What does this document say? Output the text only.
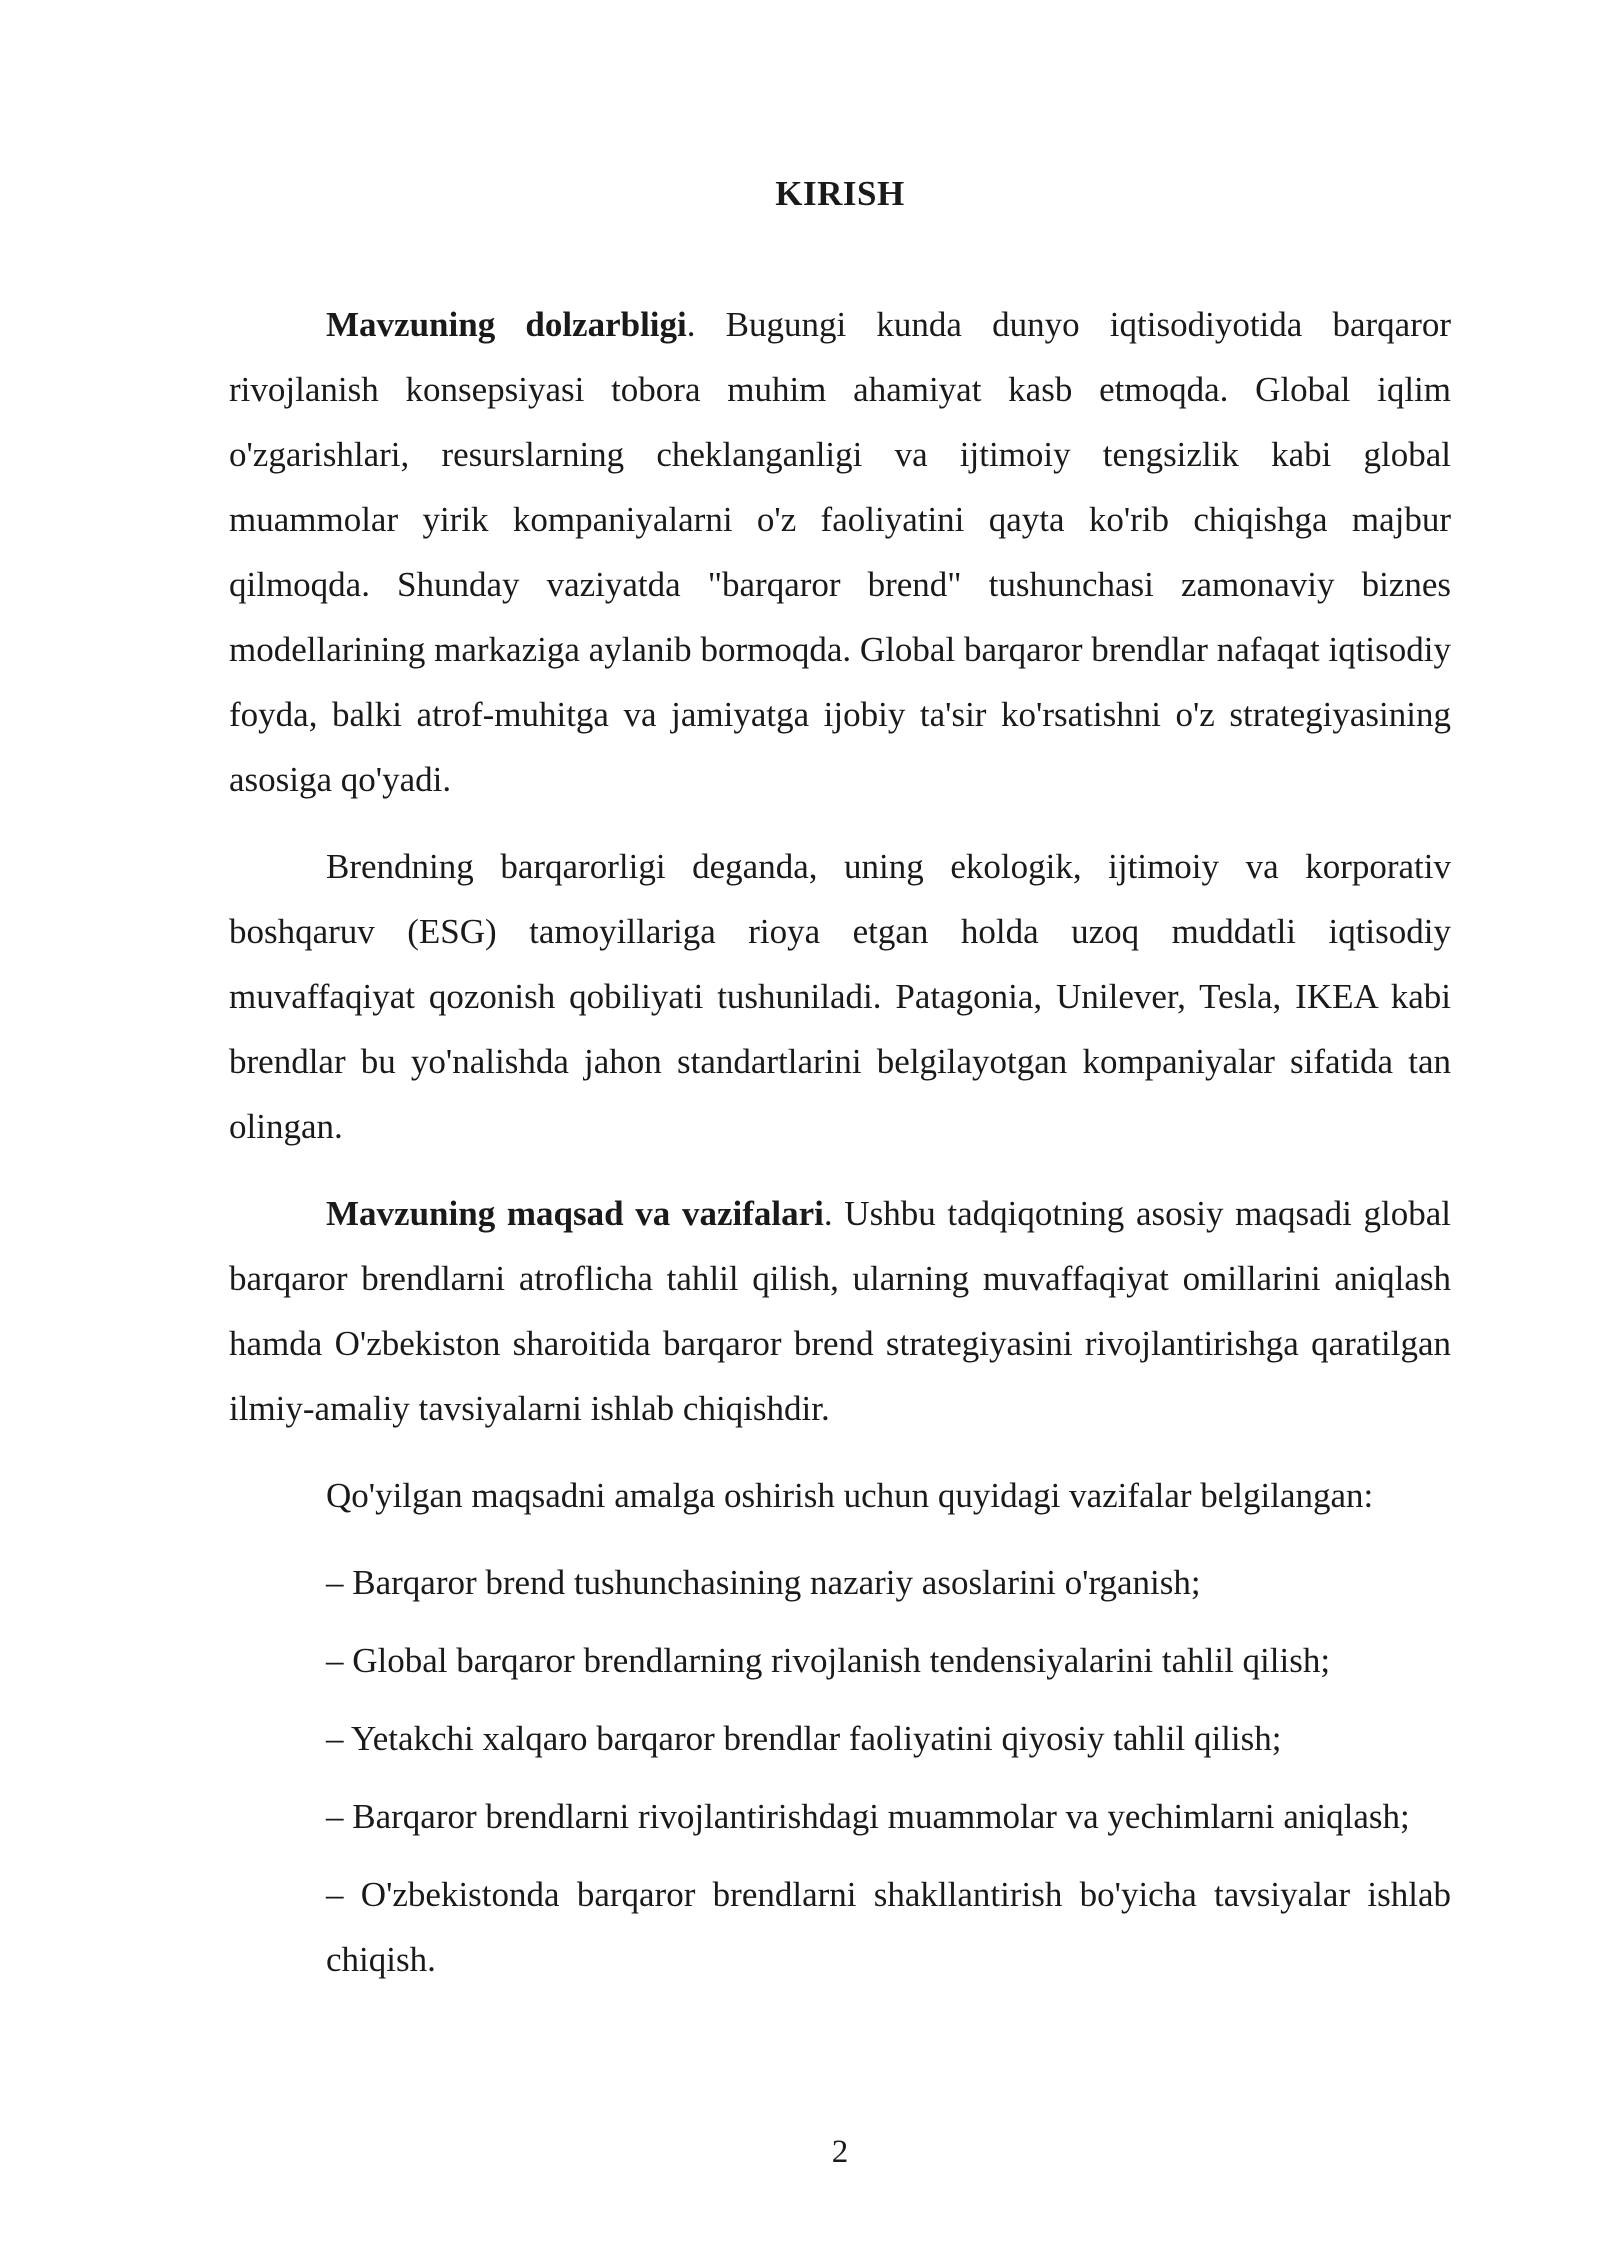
KIRISH

Mavzuning dolzarbligi. Bugungi kunda dunyo iqtisodiyotida barqaror rivojlanish konsepsiyasi tobora muhim ahamiyat kasb etmoqda. Global iqlim o'zgarishlari, resurslarning cheklanganligi va ijtimoiy tengsizlik kabi global muammolar yirik kompaniyalarni o'z faoliyatini qayta ko'rib chiqishga majbur qilmoqda. Shunday vaziyatda "barqaror brend" tushunchasi zamonaviy biznes modellarining markaziga aylanib bormoqda. Global barqaror brendlar nafaqat iqtisodiy foyda, balki atrof-muhitga va jamiyatga ijobiy ta'sir ko'rsatishni o'z strategiyasining asosiga qo'yadi.

Brendning barqarorligi deganda, uning ekologik, ijtimoiy va korporativ boshqaruv (ESG) tamoyillariga rioya etgan holda uzoq muddatli iqtisodiy muvaffaqiyat qozonish qobiliyati tushuniladi. Patagonia, Unilever, Tesla, IKEA kabi brendlar bu yo'nalishda jahon standartlarini belgilayotgan kompaniyalar sifatida tan olingan.

Mavzuning maqsad va vazifalari. Ushbu tadqiqotning asosiy maqsadi global barqaror brendlarni atroflicha tahlil qilish, ularning muvaffaqiyat omillarini aniqlash hamda O'zbekiston sharoitida barqaror brend strategiyasini rivojlantirishga qaratilgan ilmiy-amaliy tavsiyalarni ishlab chiqishdir.

Qo'yilgan maqsadni amalga oshirish uchun quyidagi vazifalar belgilangan:

– Barqaror brend tushunchasining nazariy asoslarini o'rganish;

– Global barqaror brendlarning rivojlanish tendensiyalarini tahlil qilish;

– Yetakchi xalqaro barqaror brendlar faoliyatini qiyosiy tahlil qilish;

– Barqaror brendlarni rivojlantirishdagi muammolar va yechimlarni aniqlash;

– O'zbekistonda barqaror brendlarni shakllantirish bo'yicha tavsiyalar ishlab chiqish.

2
